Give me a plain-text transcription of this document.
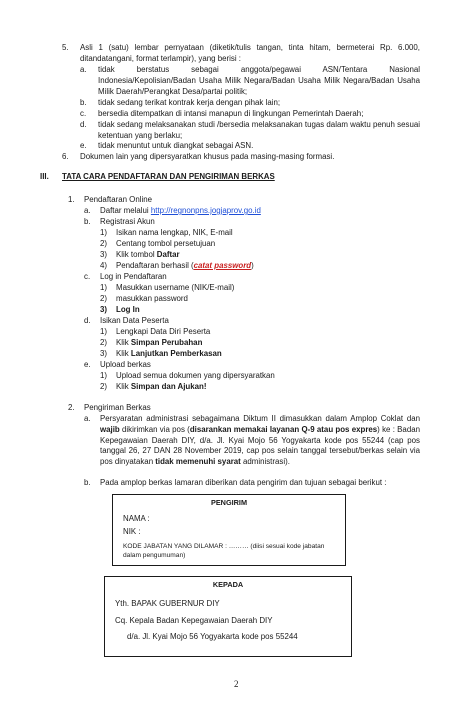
5. Asli 1 (satu) lembar pernyataan (diketik/tulis tangan, tinta hitam, bermeterai Rp. 6.000, ditandatangani, format terlampir), yang berisi :
a. tidak berstatus sebagai anggota/pegawai ASN/Tentara Nasional Indonesia/Kepolisian/Badan Usaha Milik Negara/Badan Usaha Milik Negara/Badan Usaha Milik Daerah/Perangkat Desa/partai politik;
b. tidak sedang terikat kontrak kerja dengan pihak lain;
c. bersedia ditempatkan di intansi manapun di lingkungan Pemerintah Daerah;
d. tidak sedang melaksanakan studi /bersedia melaksanakan tugas dalam waktu penuh sesuai ketentuan yang berlaku;
e. tidak menuntut untuk diangkat sebagai ASN.
6. Dokumen lain yang dipersyaratkan khusus pada masing-masing formasi.
III. TATA CARA PENDAFTARAN DAN PENGIRIMAN BERKAS
1. Pendaftaran Online
a. Daftar melalui http://regnonpns.jogjaprov.go.id
b. Registrasi Akun
1) Isikan nama lengkap, NIK, E-mail
2) Centang tombol persetujuan
3) Klik tombol Daftar
4) Pendaftaran berhasil (catat password)
c. Log in Pendaftaran
1) Masukkan username (NIK/E-mail)
2) masukkan password
3) Log In
d. Isikan Data Peserta
1) Lengkapi Data Diri Peserta
2) Klik Simpan Perubahan
3) Klik Lanjutkan Pemberkasan
e. Upload berkas
1) Upload semua dokumen yang dipersyaratkan
2) Klik Simpan dan Ajukan!
2. Pengiriman Berkas
a. Persyaratan administrasi sebagaimana Diktum II dimasukkan dalam Amplop Coklat dan wajib dikirimkan via pos (disarankan memakai layanan Q-9 atau pos expres) ke : Badan Kepegawaian Daerah DIY, d/a. Jl. Kyai Mojo 56 Yogyakarta kode pos 55244 (cap pos tanggal 26, 27 DAN 28 November 2019, cap pos selain tanggal tersebut/berkas selain via pos dinyatakan tidak memenuhi syarat administrasi).
b. Pada amplop berkas lamaran diberikan data pengirim dan tujuan sebagai berikut :
PENGIRIM
NAMA :
NIK :
KODE JABATAN YANG DILAMAR : ……… (diisi sesuai kode jabatan dalam pengumuman)
KEPADA
Yth. BAPAK GUBERNUR DIY
Cq. Kepala Badan Kepegawaian Daerah DIY
d/a. Jl. Kyai Mojo 56 Yogyakarta kode pos 55244
2
